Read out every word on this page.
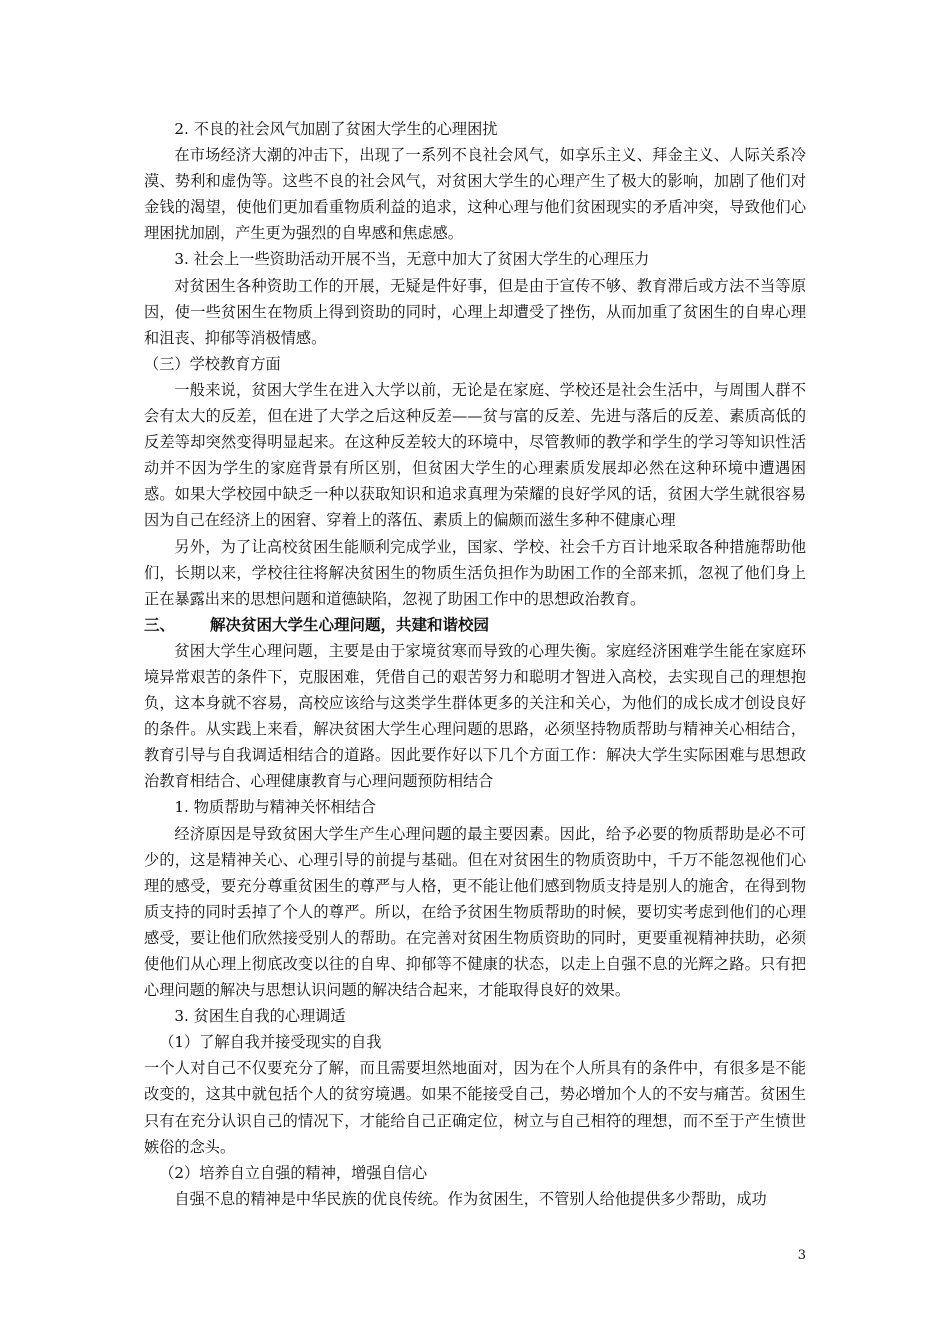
2. 不良的社会风气加剧了贫困大学生的心理困扰

在市场经济大潮的冲击下，出现了一系列不良社会风气，如享乐主义、拜金主义、人际关系冷漠、势利和虚伪等。这些不良的社会风气，对贫困大学生的心理产生了极大的影响，加剧了他们对金钱的渴望，使他们更加看重物质利益的追求，这种心理与他们贫困现实的矛盾冲突，导致他们心理困扰加剧，产生更为强烈的自卑感和焦虑感。

3. 社会上一些资助活动开展不当，无意中加大了贫困大学生的心理压力

对贫困生各种资助工作的开展，无疑是件好事，但是由于宣传不够、教育滞后或方法不当等原因，使一些贫困生在物质上得到资助的同时，心理上却遭受了挫伤，从而加重了贫困生的自卑心理和沮丧、抑郁等消极情感。

（三）学校教育方面

一般来说，贫困大学生在进入大学以前，无论是在家庭、学校还是社会生活中，与周围人群不会有太大的反差，但在进了大学之后这种反差——贫与富的反差、先进与落后的反差、素质高低的反差等却突然变得明显起来。在这种反差较大的环境中，尽管教师的教学和学生的学习等知识性活动并不因为学生的家庭背景有所区别，但贫困大学生的心理素质发展却必然在这种环境中遭遇困惑。如果大学校园中缺乏一种以获取知识和追求真理为荣耀的良好学风的话，贫困大学生就很容易因为自己在经济上的困窘、穿着上的落伍、素质上的偏颇而滋生多种不健康心理

另外，为了让高校贫困生能顺利完成学业，国家、学校、社会千方百计地采取各种措施帮助他们，长期以来，学校往往将解决贫困生的物质生活负担作为助困工作的全部来抓，忽视了他们身上正在暴露出来的思想问题和道德缺陷，忽视了助困工作中的思想政治教育。

三、 解决贫困大学生心理问题，共建和谐校园

贫困大学生心理问题，主要是由于家境贫寒而导致的心理失衡。家庭经济困难学生能在家庭环境异常艰苦的条件下，克服困难，凭借自己的艰苦努力和聪明才智进入高校，去实现自己的理想抱负，这本身就不容易，高校应该给与这类学生群体更多的关注和关心，为他们的成长成才创设良好的条件。从实践上来看，解决贫困大学生心理问题的思路，必须坚持物质帮助与精神关心相结合，教育引导与自我调适相结合的道路。因此要作好以下几个方面工作：解决大学生实际困难与思想政治教育相结合、心理健康教育与心理问题预防相结合

1. 物质帮助与精神关怀相结合

经济原因是导致贫困大学生产生心理问题的最主要因素。因此，给予必要的物质帮助是必不可少的，这是精神关心、心理引导的前提与基础。但在对贫困生的物质资助中，千万不能忽视他们心理的感受，要充分尊重贫困生的尊严与人格，更不能让他们感到物质支持是别人的施舍，在得到物质支持的同时丢掉了个人的尊严。所以，在给予贫困生物质帮助的时候，要切实考虑到他们的心理感受，要让他们欣然接受别人的帮助。在完善对贫困生物质资助的同时，更要重视精神扶助，必须使他们从心理上彻底改变以往的自卑、抑郁等不健康的状态，以走上自强不息的光辉之路。只有把心理问题的解决与思想认识问题的解决结合起来，才能取得良好的效果。

3. 贫困生自我的心理调适

（1）了解自我并接受现实的自我

一个人对自己不仅要充分了解，而且需要坦然地面对，因为在个人所具有的条件中，有很多是不能改变的，这其中就包括个人的贫穷境遇。如果不能接受自己，势必增加个人的不安与痛苦。贫困生只有在充分认识自己的情况下，才能给自己正确定位，树立与自己相符的理想，而不至于产生愤世嫉俗的念头。

（2）培养自立自强的精神，增强自信心

自强不息的精神是中华民族的优良传统。作为贫困生，不管别人给他提供多少帮助，成功

3
